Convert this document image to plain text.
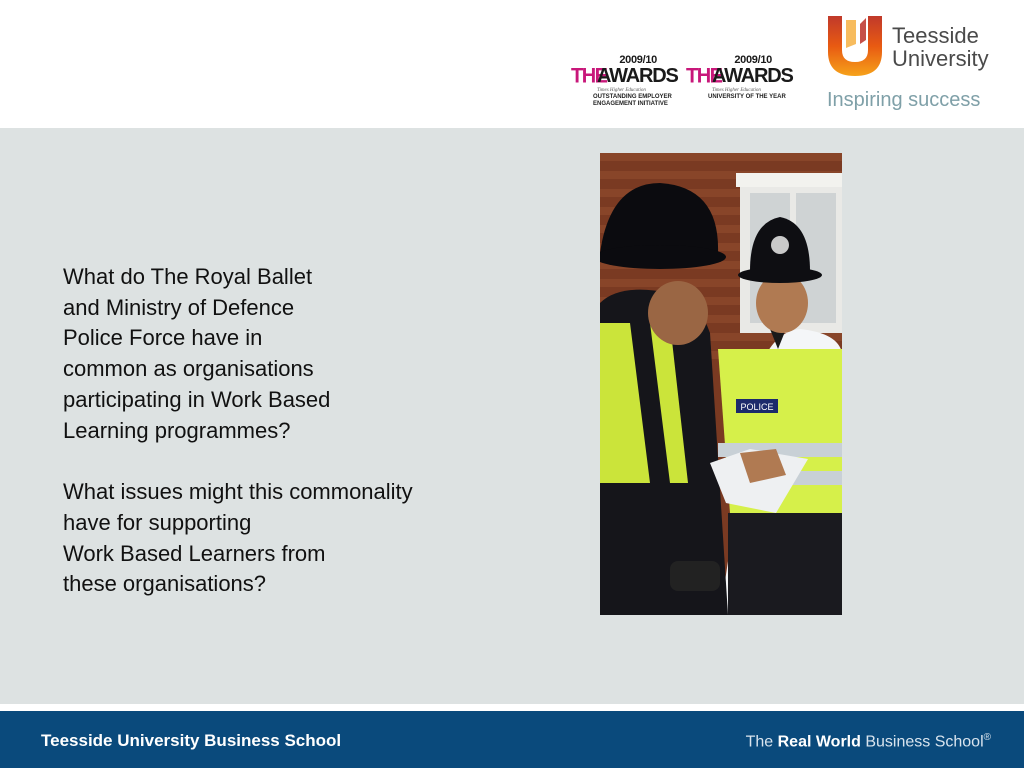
2009/10
THE
AWARDS
Times Higher Education
OUTSTANDING EMPLOYER
ENGAGEMENT INITIATIVE
2009/10
THE
AWARDS
Times Higher Education
UNIVERSITY OF THE YEAR
Teesside
University
Inspiring success
What do The Royal Ballet
and Ministry of Defence
Police Force have in
common as organisations
participating in Work Based
Learning programmes?
What issues might this commonality
have for supporting
Work Based Learners from
these organisations?
POLICE
Teesside University Business School	The Real World Business School®
